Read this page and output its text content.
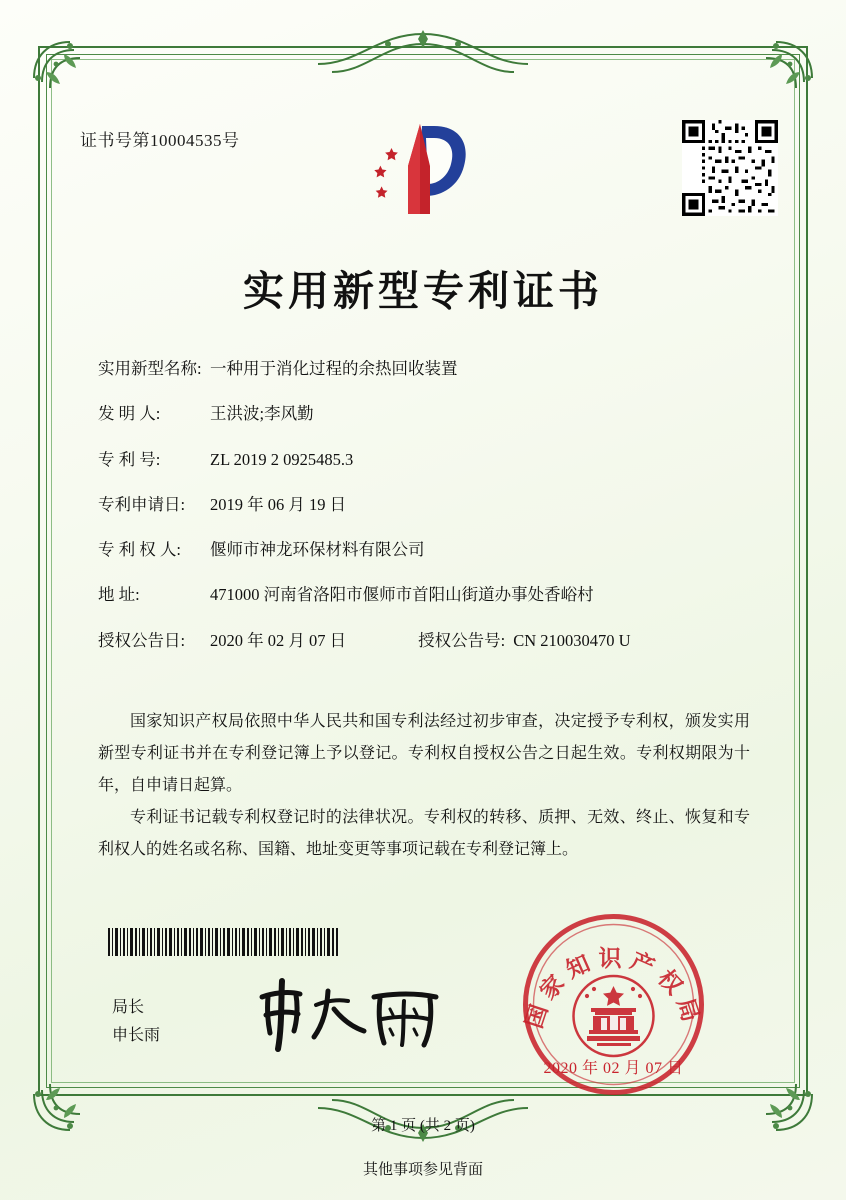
证书号第10004535号
实用新型专利证书
实用新型名称: 一种用于消化过程的余热回收装置
发 明 人:	王洪波;李风勤
专 利 号:	ZL 2019 2 0925485.3
专利申请日:	2019 年 06 月 19 日
专 利 权 人:	偃师市神龙环保材料有限公司
地 址:	471000 河南省洛阳市偃师市首阳山街道办事处香峪村
授权公告日:	2020 年 02 月 07 日	授权公告号: CN 210030470 U

国家知识产权局依照中华人民共和国专利法经过初步审查，决定授予专利权，颁发实用新型专利证书并在专利登记簿上予以登记。专利权自授权公告之日起生效。专利权期限为十年，自申请日起算。

专利证书记载专利权登记时的法律状况。专利权的转移、质押、无效、终止、恢复和专利权人的姓名或名称、国籍、地址变更等事项记载在专利登记簿上。

局长
申长雨
国家知识产权局
2020 年 02 月 07 日
第 1 页 (共 2 页)
其他事项参见背面
